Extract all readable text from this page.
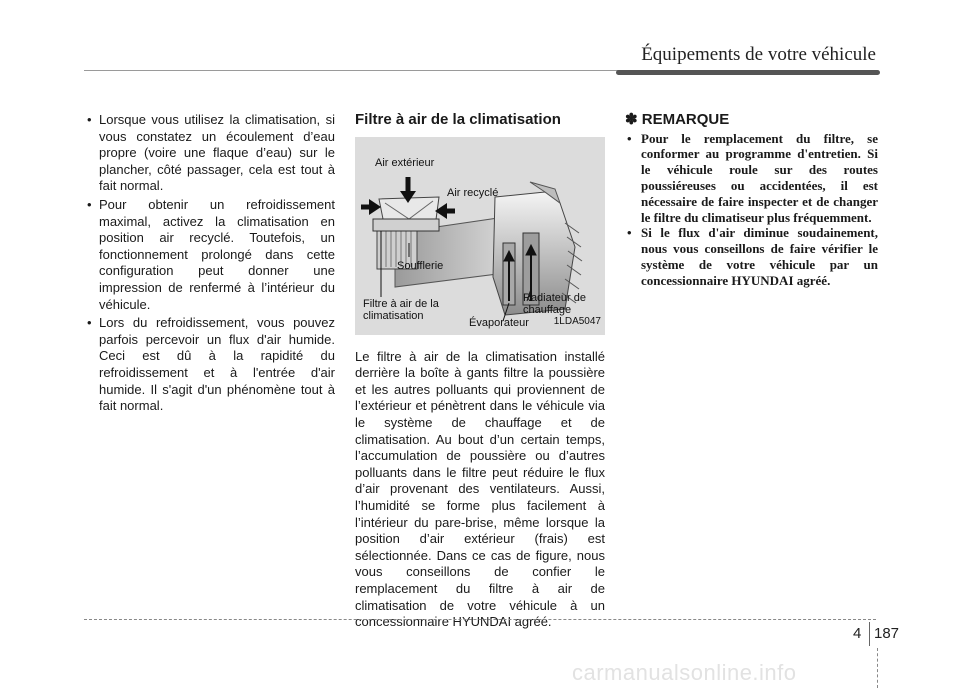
Équipements de votre véhicule
• Lorsque vous utilisez la climatisation, si vous constatez un écoulement d’eau propre (voire une flaque d’eau) sur le plancher, côté passager, cela est tout à fait normal.
• Pour obtenir un refroidissement maximal, activez la climatisation en position air recyclé. Toutefois, un fonctionnement prolongé dans cette configuration peut donner une impression de renfermé à l’intérieur du véhicule.
• Lors du refroidissement, vous pouvez parfois percevoir un flux d'air humide. Ceci est dû à la rapidité du refroidissement et à l'entrée d'air humide. Il s'agit d'un phénomène tout à fait normal.
Filtre à air de la climatisation
Air extérieur
Air recyclé
Soufflerie
Filtre à air de la climatisation
Radiateur de chauffage
Évaporateur 1LDA5047
Le filtre à air de la climatisation installé derrière la boîte à gants filtre la poussière et les autres polluants qui proviennent de l’extérieur et pénètrent dans le véhicule via le système de chauffage et de climatisation. Au bout d’un certain temps, l’accumulation de poussière ou d’autres polluants dans le filtre peut réduire le flux d’air provenant des ventilateurs. Aussi, l’humidité se forme plus facilement à l’intérieur du pare-brise, même lorsque la position d’air extérieur (frais) est sélectionnée. Dans ce cas de figure, nous vous conseillons de confier le remplacement du filtre à air de climatisation de votre véhicule à un concessionnaire HYUNDAI agréé.
✽ REMARQUE
• Pour le remplacement du filtre, se conformer au programme d'entretien. Si le véhicule roule sur des routes poussiéreuses ou accidentées, il est nécessaire de faire inspecter et de changer le filtre du climatiseur plus fréquemment.
• Si le flux d'air diminue soudainement, nous vous conseillons de faire vérifier le système de votre véhicule par un concessionnaire HYUNDAI agréé.
4 187
carmanualsonline.info
